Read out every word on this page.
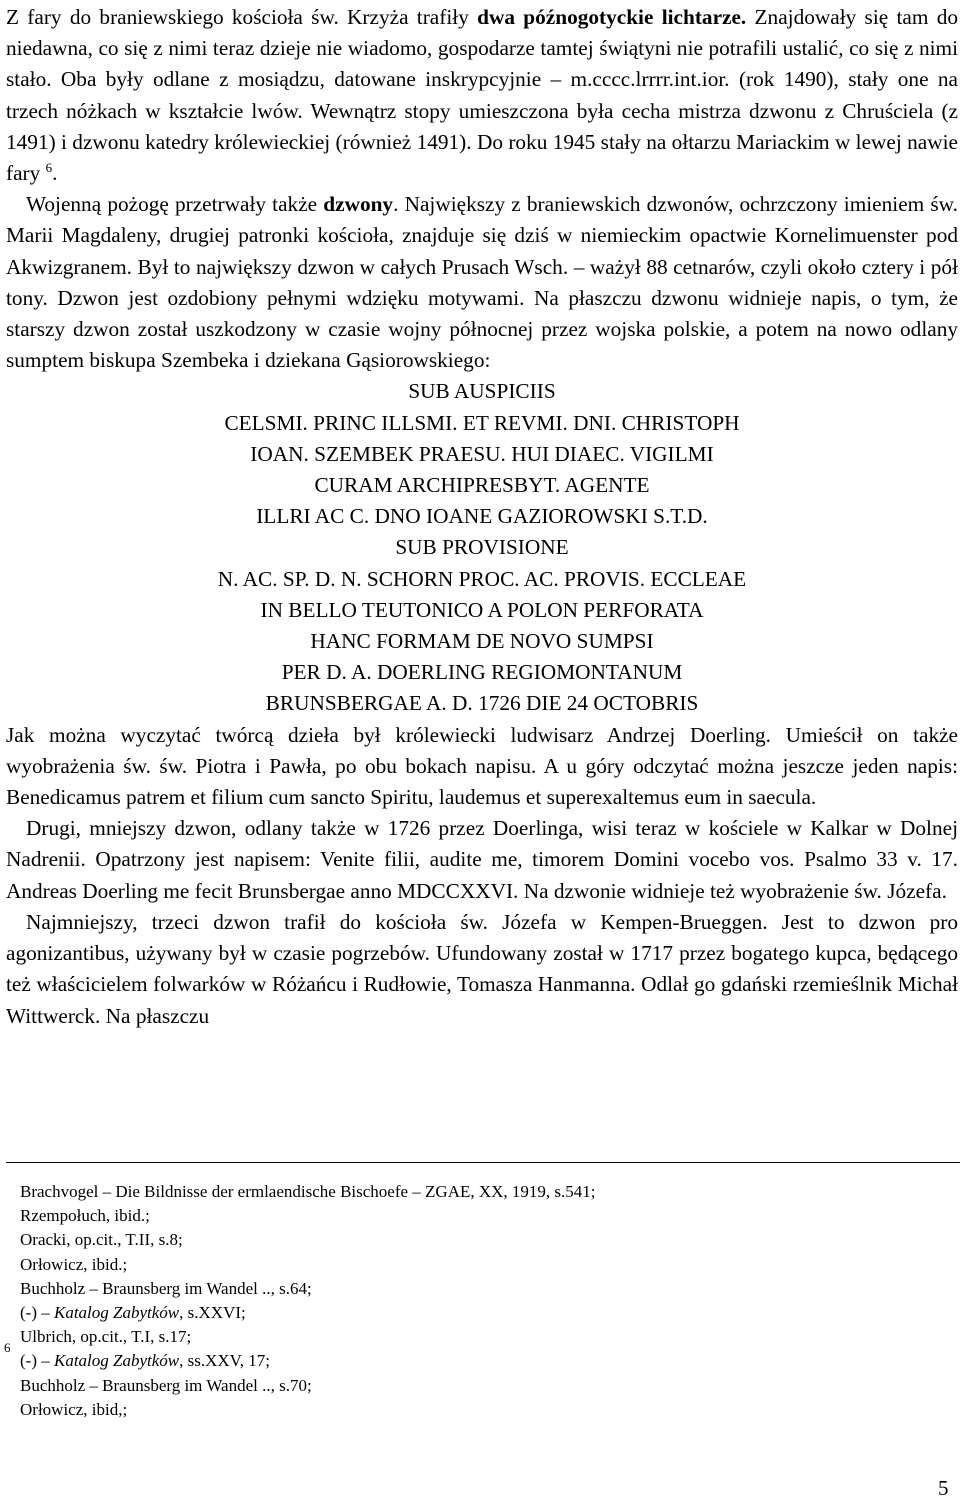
Z fary do braniewskiego kościoła św. Krzyża trafiły dwa późnogotyckie lichtarze. Znajdowały się tam do niedawna, co się z nimi teraz dzieje nie wiadomo, gospodarze tamtej świątyni nie potrafili ustalić, co się z nimi stało. Oba były odlane z mosiądzu, datowane inskrypcyjnie – m.cccc.lrrrr.int.ior. (rok 1490), stały one na trzech nóżkach w kształcie lwów. Wewnątrz stopy umieszczona była cecha mistrza dzwonu z Chruściela (z 1491) i dzwonu katedry królewieckiej (również 1491). Do roku 1945 stały na ołtarzu Mariackim w lewej nawie fary $^6$.

Wojenną pożogę przetrwały także dzwony. Największy z braniewskich dzwonów, ochrzczony imieniem św. Marii Magdaleny, drugiej patronki kościoła, znajduje się dziś w niemieckim opactwie Kornelimuenster pod Akwizgranem. Był to największy dzwon w całych Prusach Wsch. – ważył 88 cetnarów, czyli około cztery i pół tony. Dzwon jest ozdobiony pełnymi wdzięku motywami. Na płaszczu dzwonu widnieje napis, o tym, że starszy dzwon został uszkodzony w czasie wojny północnej przez wojska polskie, a potem na nowo odlany sumptem biskupa Szembeka i dziekana Gąsiorowskiego:

SUB AUSPICIIS
CELSMI. PRINC ILLSMI. ET REVMI. DNI. CHRISTOPH
IOAN. SZEMBEK PRAESU. HUI DIAEC. VIGILMI
CURAM ARCHIPRESBYT. AGENTE
ILLRI AC C. DNO IOANE GAZIOROWSKI S.T.D.
SUB PROVISIONE
N. AC. SP. D. N. SCHORN PROC. AC. PROVIS. ECCLEAE
IN BELLO TEUTONICO A POLON PERFORATA
HANC FORMAM DE NOVO SUMPSI
PER D. A. DOERLING REGIOMONTANUM
BRUNSBERGAE A. D. 1726 DIE 24 OCTOBRIS

Jak można wyczytać twórcą dzieła był królewiecki ludwisarz Andrzej Doerling. Umieścił on także wyobrażenia św. św. Piotra i Pawła, po obu bokach napisu. A u góry odczytać można jeszcze jeden napis: Benedicamus patrem et filium cum sancto Spiritu, laudemus et superexaltemus eum in saecula.

Drugi, mniejszy dzwon, odlany także w 1726 przez Doerlinga, wisi teraz w kościele w Kalkar w Dolnej Nadrenii. Opatrzony jest napisem: Venite filii, audite me, timorem Domini vocebo vos. Psalmo 33 v. 17. Andreas Doerling me fecit Brunsbergae anno MDCCXXVI. Na dzwonie widnieje też wyobrażenie św. Józefa.

Najmniejszy, trzeci dzwon trafił do kościoła św. Józefa w Kempen-Brueggen. Jest to dzwon pro agonizantibus, używany był w czasie pogrzebów. Ufundowany został w 1717 przez bogatego kupca, będącego też właścicielem folwarków w Różańcu i Rudłowie, Tomasza Hanmanna. Odlał go gdański rzemieślnik Michał Wittwerck. Na płaszczu

Brachvogel – Die Bildnisse der ermlaendische Bischoefe – ZGAE, XX, 1919, s.541;
Rzempołuch, ibid.;
Oracki, op.cit., T.II, s.8;
Orłowicz, ibid.;
Buchholz – Braunsberg im Wandel .., s.64;
(-) – Katalog Zabytków, s.XXVI;
Ulbrich, op.cit., T.I, s.17;
6
(-) – Katalog Zabytków, ss.XXV, 17;
Buchholz – Braunsberg im Wandel .., s.70;
Orłowicz, ibid,;
5
